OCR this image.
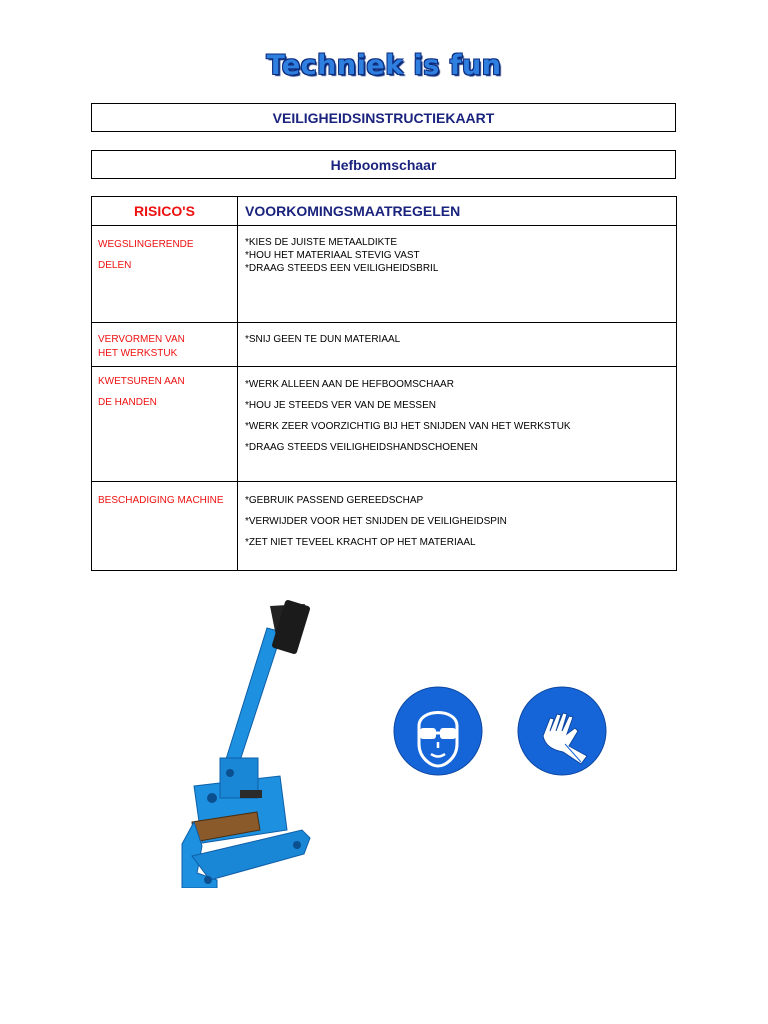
Techniek is fun
VEILIGHEIDSINSTRUCTIEKAART
Hefboomschaar
RISICO'S	VOORKOMINGSMAATREGELEN

WEGSLINGERENDE
DELEN	*KIES DE JUISTE METAALDIKTE
*HOU HET MATERIAAL STEVIG VAST
*DRAAG STEEDS EEN VEILIGHEIDSBRIL

VERVORMEN VAN
HET WERKSTUK	*SNIJ GEEN TE DUN MATERIAAL

KWETSUREN AAN
DE HANDEN	*WERK ALLEEN AAN DE HEFBOOMSCHAAR
*HOU JE STEEDS VER VAN DE MESSEN
*WERK ZEER VOORZICHTIG BIJ HET SNIJDEN VAN HET WERKSTUK
*DRAAG STEEDS VEILIGHEIDSHANDSCHOENEN

BESCHADIGING MACHINE	*GEBRUIK PASSEND GEREEDSCHAP
*VERWIJDER VOOR HET SNIJDEN DE VEILIGHEIDSPIN
*ZET NIET TEVEEL KRACHT OP HET MATERIAAL
